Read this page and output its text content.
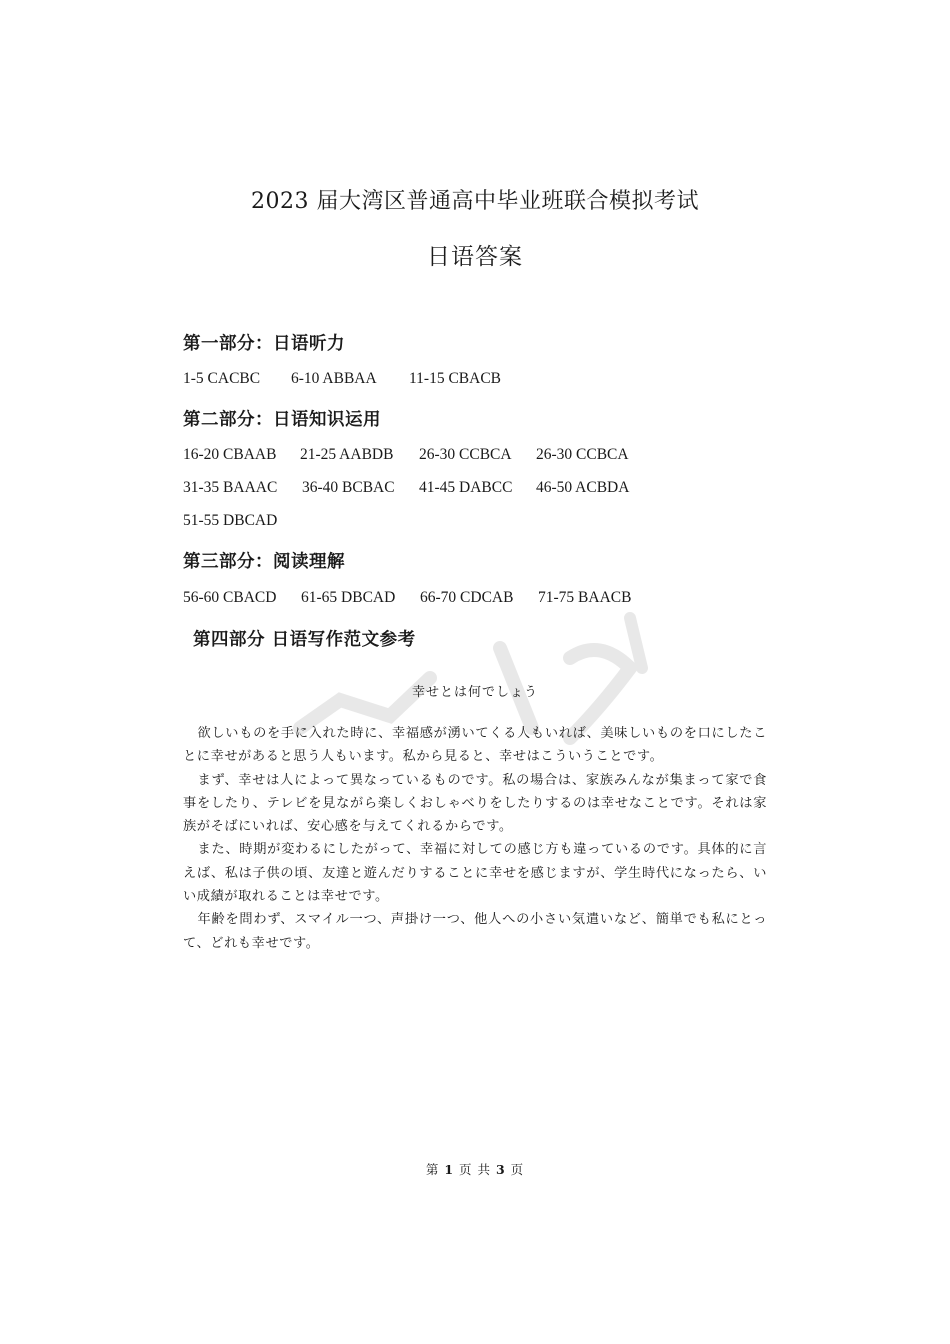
2023 届大湾区普通高中毕业班联合模拟考试
日语答案
第一部分：日语听力
1-5 CACBC	6-10 ABBAA	11-15 CBACB
第二部分：日语知识运用
16-20 CBAAB	21-25 AABDB	26-30 CCBCA	26-30 CCBCA
31-35 BAAAC	36-40 BCBAC	41-45 DABCC	46-50 ACBDA
51-55 DBCAD
第三部分：阅读理解
56-60 CBACD	61-65 DBCAD	66-70 CDCAB	71-75 BAACB
第四部分 日语写作范文参考
幸せとは何でしょう

欲しいものを手に入れた時に、幸福感が湧いてくる人もいれば、美味しいものを口にしたことに幸せがあると思う人もいます。私から見ると、幸せはこういうことです。

まず、幸せは人によって異なっているものです。私の場合は、家族みんなが集まって家で食事をしたり、テレビを見ながら楽しくおしゃべりをしたりするのは幸せなことです。それは家族がそばにいれば、安心感を与えてくれるからです。

また、時期が変わるにしたがって、幸福に対しての感じ方も違っているのです。具体的に言えば、私は子供の頃、友達と遊んだりすることに幸せを感じますが、学生時代になったら、いい成績が取れることは幸せです。

年齢を問わず、スマイル一つ、声掛け一つ、他人への小さい気遣いなど、簡単でも私にとって、どれも幸せです。

第 1 页 共 3 页
